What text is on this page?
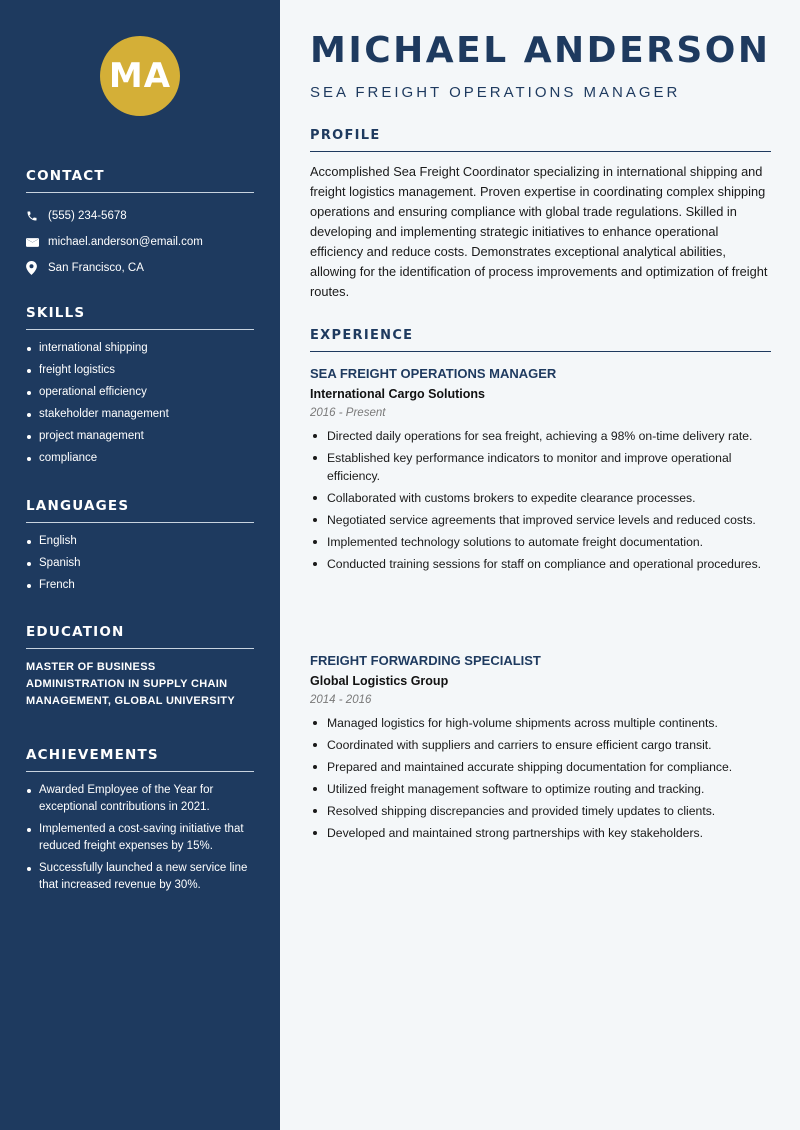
MA
CONTACT
(555) 234-5678
michael.anderson@email.com
San Francisco, CA
SKILLS
international shipping
freight logistics
operational efficiency
stakeholder management
project management
compliance
LANGUAGES
English
Spanish
French
EDUCATION
MASTER OF BUSINESS ADMINISTRATION IN SUPPLY CHAIN MANAGEMENT, GLOBAL UNIVERSITY
ACHIEVEMENTS
Awarded Employee of the Year for exceptional contributions in 2021.
Implemented a cost-saving initiative that reduced freight expenses by 15%.
Successfully launched a new service line that increased revenue by 30%.
MICHAEL ANDERSON
SEA FREIGHT OPERATIONS MANAGER
PROFILE

Accomplished Sea Freight Coordinator specializing in international shipping and freight logistics management. Proven expertise in coordinating complex shipping operations and ensuring compliance with global trade regulations. Skilled in developing and implementing strategic initiatives to enhance operational efficiency and reduce costs. Demonstrates exceptional analytical abilities, allowing for the identification of process improvements and optimization of freight routes.

EXPERIENCE
SEA FREIGHT OPERATIONS MANAGER
International Cargo Solutions
2016 - Present
Directed daily operations for sea freight, achieving a 98% on-time delivery rate.
Established key performance indicators to monitor and improve operational efficiency.
Collaborated with customs brokers to expedite clearance processes.
Negotiated service agreements that improved service levels and reduced costs.
Implemented technology solutions to automate freight documentation.
Conducted training sessions for staff on compliance and operational procedures.
FREIGHT FORWARDING SPECIALIST
Global Logistics Group
2014 - 2016
Managed logistics for high-volume shipments across multiple continents.
Coordinated with suppliers and carriers to ensure efficient cargo transit.
Prepared and maintained accurate shipping documentation for compliance.
Utilized freight management software to optimize routing and tracking.
Resolved shipping discrepancies and provided timely updates to clients.
Developed and maintained strong partnerships with key stakeholders.
